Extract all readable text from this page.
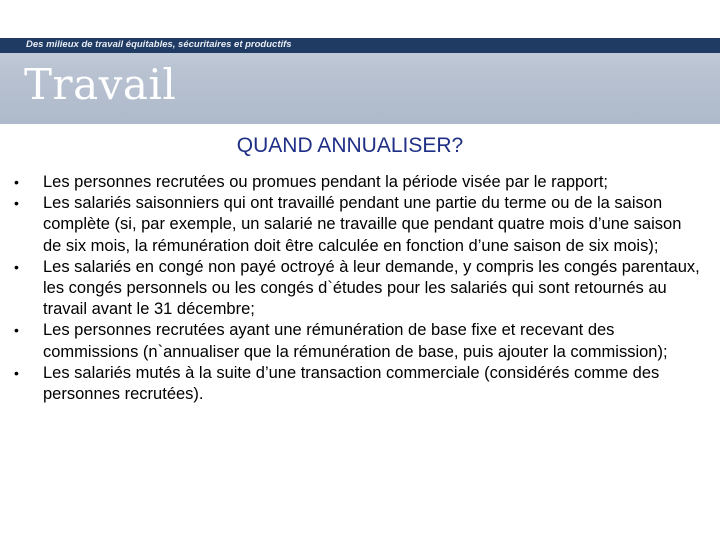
Des milieux de travail équitables, sécuritaires et productifs
Travail
QUAND ANNUALISER?
• Les personnes recrutées ou promues pendant la période visée par le rapport;
• Les salariés saisonniers qui ont travaillé pendant une partie du terme ou de la saison complète (si, par exemple, un salarié ne travaille que pendant quatre mois d’une saison de six mois, la rémunération doit être calculée en fonction d’une saison de six mois);
• Les salariés en congé non payé octroyé à leur demande, y compris les congés parentaux, les congés personnels ou les congés d`études pour les salariés qui sont retournés au travail avant le 31 décembre;
• Les personnes recrutées ayant une rémunération de base fixe et recevant des commissions (n`annualiser que la rémunération de base, puis ajouter la commission);
• Les salariés mutés à la suite d’une transaction commerciale (considérés comme des personnes recrutées).
